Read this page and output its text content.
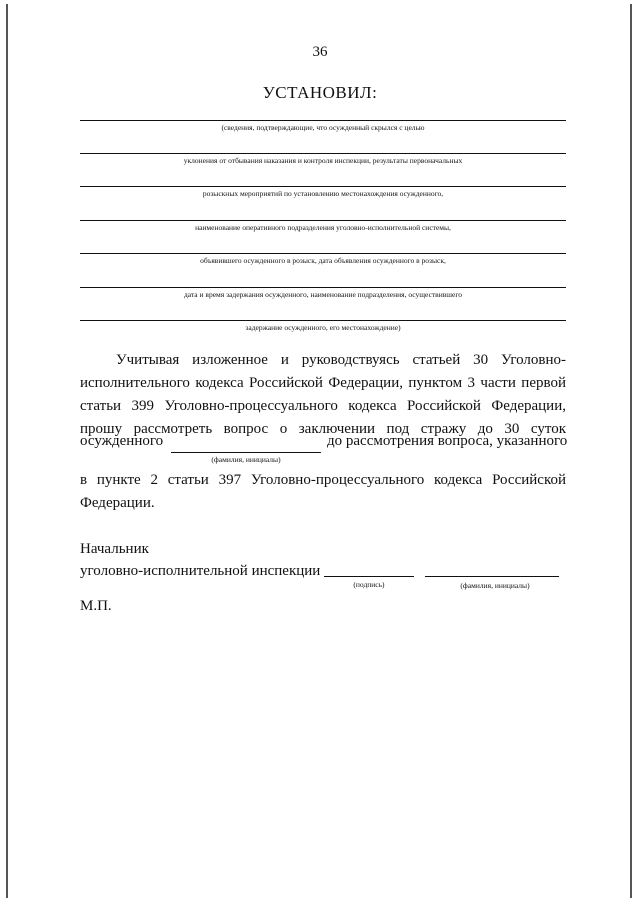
36
УСТАНОВИЛ:
(сведения, подтверждающие, что осужденный скрылся с целью
уклонения от отбывания наказания и контроля инспекции, результаты первоначальных
розыскных мероприятий по установлению местонахождения осужденного,
наименование оперативного подразделения уголовно-исполнительной системы,
объявившего осужденного в розыск, дата объявления осужденного в розыск,
дата и время задержания осужденного, наименование подразделения, осуществившего
задержание осужденного, его местонахождение)
Учитывая изложенное и руководствуясь статьей 30 Уголовно-
исполнительного кодекса Российской Федерации, пунктом 3 части первой
статьи 399 Уголовно-процессуального кодекса Российской Федерации,
прошу рассмотреть вопрос о заключении под стражу до 30 суток
осужденного	до рассмотрения вопроса, указанного
(фамилия, инициалы)
в пункте 2 статьи 397 Уголовно-процессуального кодекса Российской
Федерации.
Начальник
уголовно-исполнительной инспекции
(подпись)	(фамилия, инициалы)
М.П.
